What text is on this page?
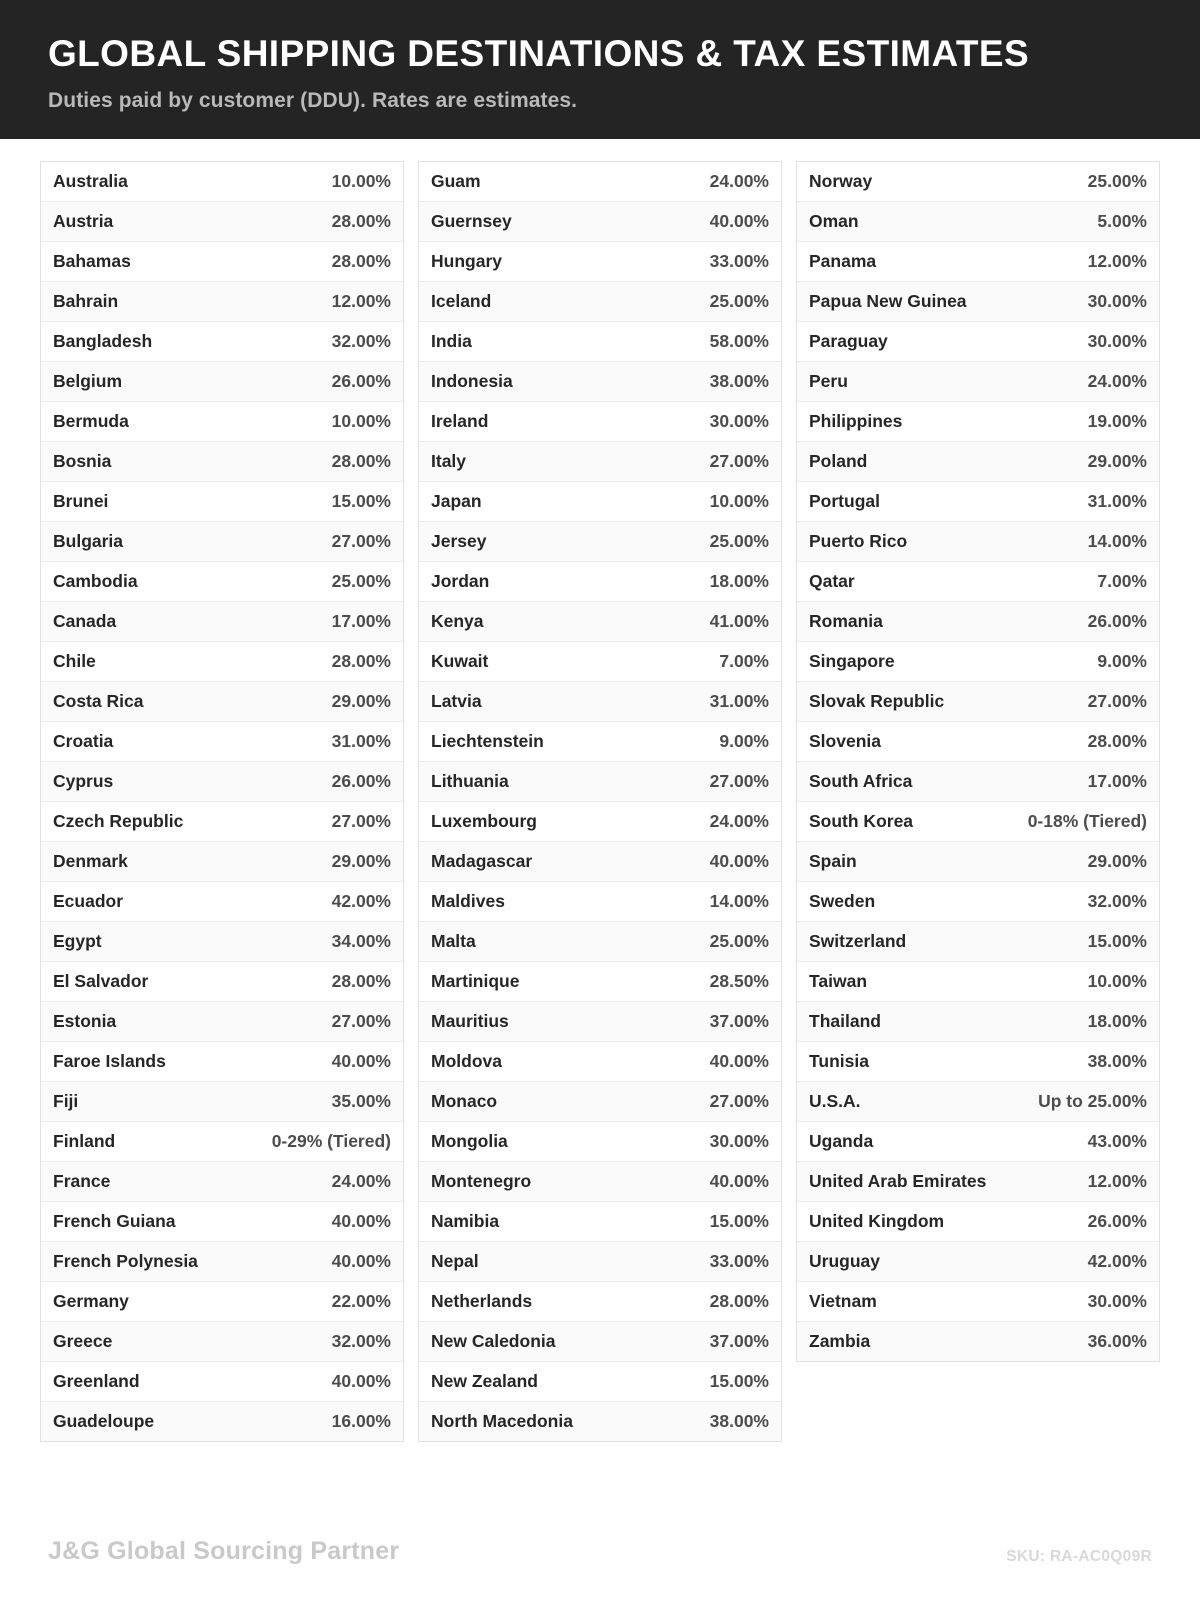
GLOBAL SHIPPING DESTINATIONS & TAX ESTIMATES
Duties paid by customer (DDU). Rates are estimates.
Australia	10.00%
Austria	28.00%
Bahamas	28.00%
Bahrain	12.00%
Bangladesh	32.00%
Belgium	26.00%
Bermuda	10.00%
Bosnia	28.00%
Brunei	15.00%
Bulgaria	27.00%
Cambodia	25.00%
Canada	17.00%
Chile	28.00%
Costa Rica	29.00%
Croatia	31.00%
Cyprus	26.00%
Czech Republic	27.00%
Denmark	29.00%
Ecuador	42.00%
Egypt	34.00%
El Salvador	28.00%
Estonia	27.00%
Faroe Islands	40.00%
Fiji	35.00%
Finland	0-29% (Tiered)
France	24.00%
French Guiana	40.00%
French Polynesia	40.00%
Germany	22.00%
Greece	32.00%
Greenland	40.00%
Guadeloupe	16.00%
Guam	24.00%
Guernsey	40.00%
Hungary	33.00%
Iceland	25.00%
India	58.00%
Indonesia	38.00%
Ireland	30.00%
Italy	27.00%
Japan	10.00%
Jersey	25.00%
Jordan	18.00%
Kenya	41.00%
Kuwait	7.00%
Latvia	31.00%
Liechtenstein	9.00%
Lithuania	27.00%
Luxembourg	24.00%
Madagascar	40.00%
Maldives	14.00%
Malta	25.00%
Martinique	28.50%
Mauritius	37.00%
Moldova	40.00%
Monaco	27.00%
Mongolia	30.00%
Montenegro	40.00%
Namibia	15.00%
Nepal	33.00%
Netherlands	28.00%
New Caledonia	37.00%
New Zealand	15.00%
North Macedonia	38.00%
Norway	25.00%
Oman	5.00%
Panama	12.00%
Papua New Guinea	30.00%
Paraguay	30.00%
Peru	24.00%
Philippines	19.00%
Poland	29.00%
Portugal	31.00%
Puerto Rico	14.00%
Qatar	7.00%
Romania	26.00%
Singapore	9.00%
Slovak Republic	27.00%
Slovenia	28.00%
South Africa	17.00%
South Korea	0-18% (Tiered)
Spain	29.00%
Sweden	32.00%
Switzerland	15.00%
Taiwan	10.00%
Thailand	18.00%
Tunisia	38.00%
U.S.A.	Up to 25.00%
Uganda	43.00%
United Arab Emirates	12.00%
United Kingdom	26.00%
Uruguay	42.00%
Vietnam	30.00%
Zambia	36.00%
J&G Global Sourcing Partner	SKU: RA-AC0Q09R
